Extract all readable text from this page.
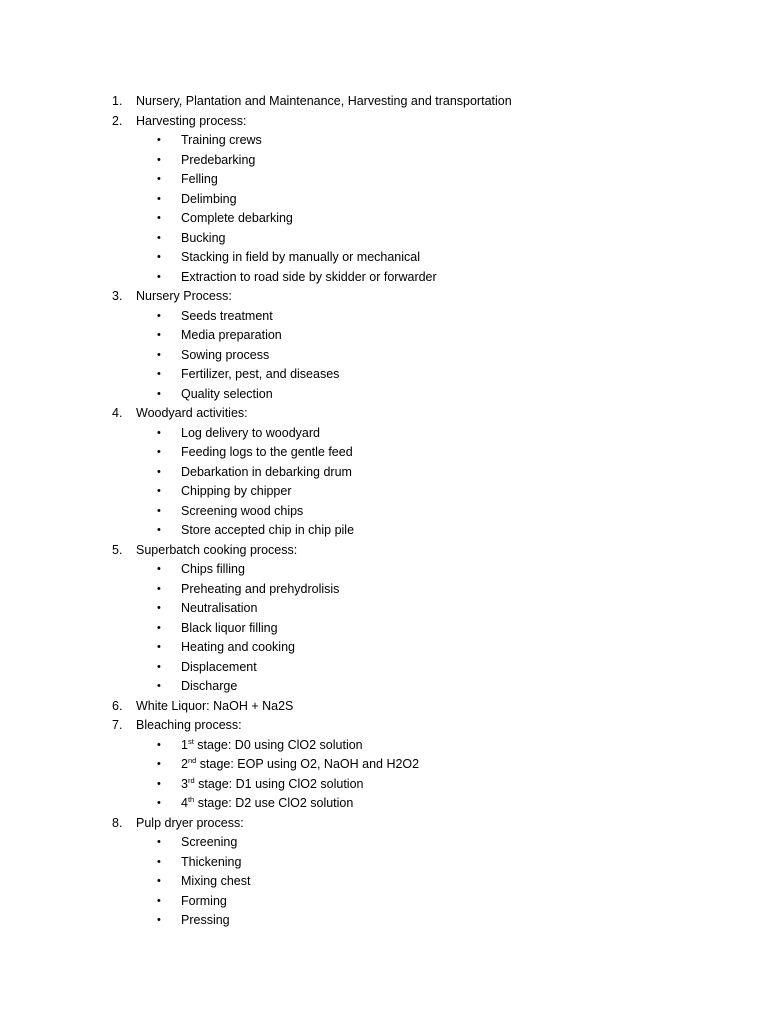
1. Nursery, Plantation and Maintenance, Harvesting and transportation
2. Harvesting process:
• Training crews
• Predebarking
• Felling
• Delimbing
• Complete debarking
• Bucking
• Stacking in field by manually or mechanical
• Extraction to road side by skidder or forwarder
3. Nursery Process:
• Seeds treatment
• Media preparation
• Sowing process
• Fertilizer, pest, and diseases
• Quality selection
4. Woodyard activities:
• Log delivery to woodyard
• Feeding logs to the gentle feed
• Debarkation in debarking drum
• Chipping by chipper
• Screening wood chips
• Store accepted chip in chip pile
5. Superbatch cooking process:
• Chips filling
• Preheating and prehydrolisis
• Neutralisation
• Black liquor filling
• Heating and cooking
• Displacement
• Discharge
6. White Liquor: NaOH + Na2S
7. Bleaching process:
• 1st stage: D0 using ClO2 solution
• 2nd stage: EOP using O2, NaOH and H2O2
• 3rd stage: D1 using ClO2 solution
• 4th stage: D2 use ClO2 solution
8. Pulp dryer process:
• Screening
• Thickening
• Mixing chest
• Forming
• Pressing
